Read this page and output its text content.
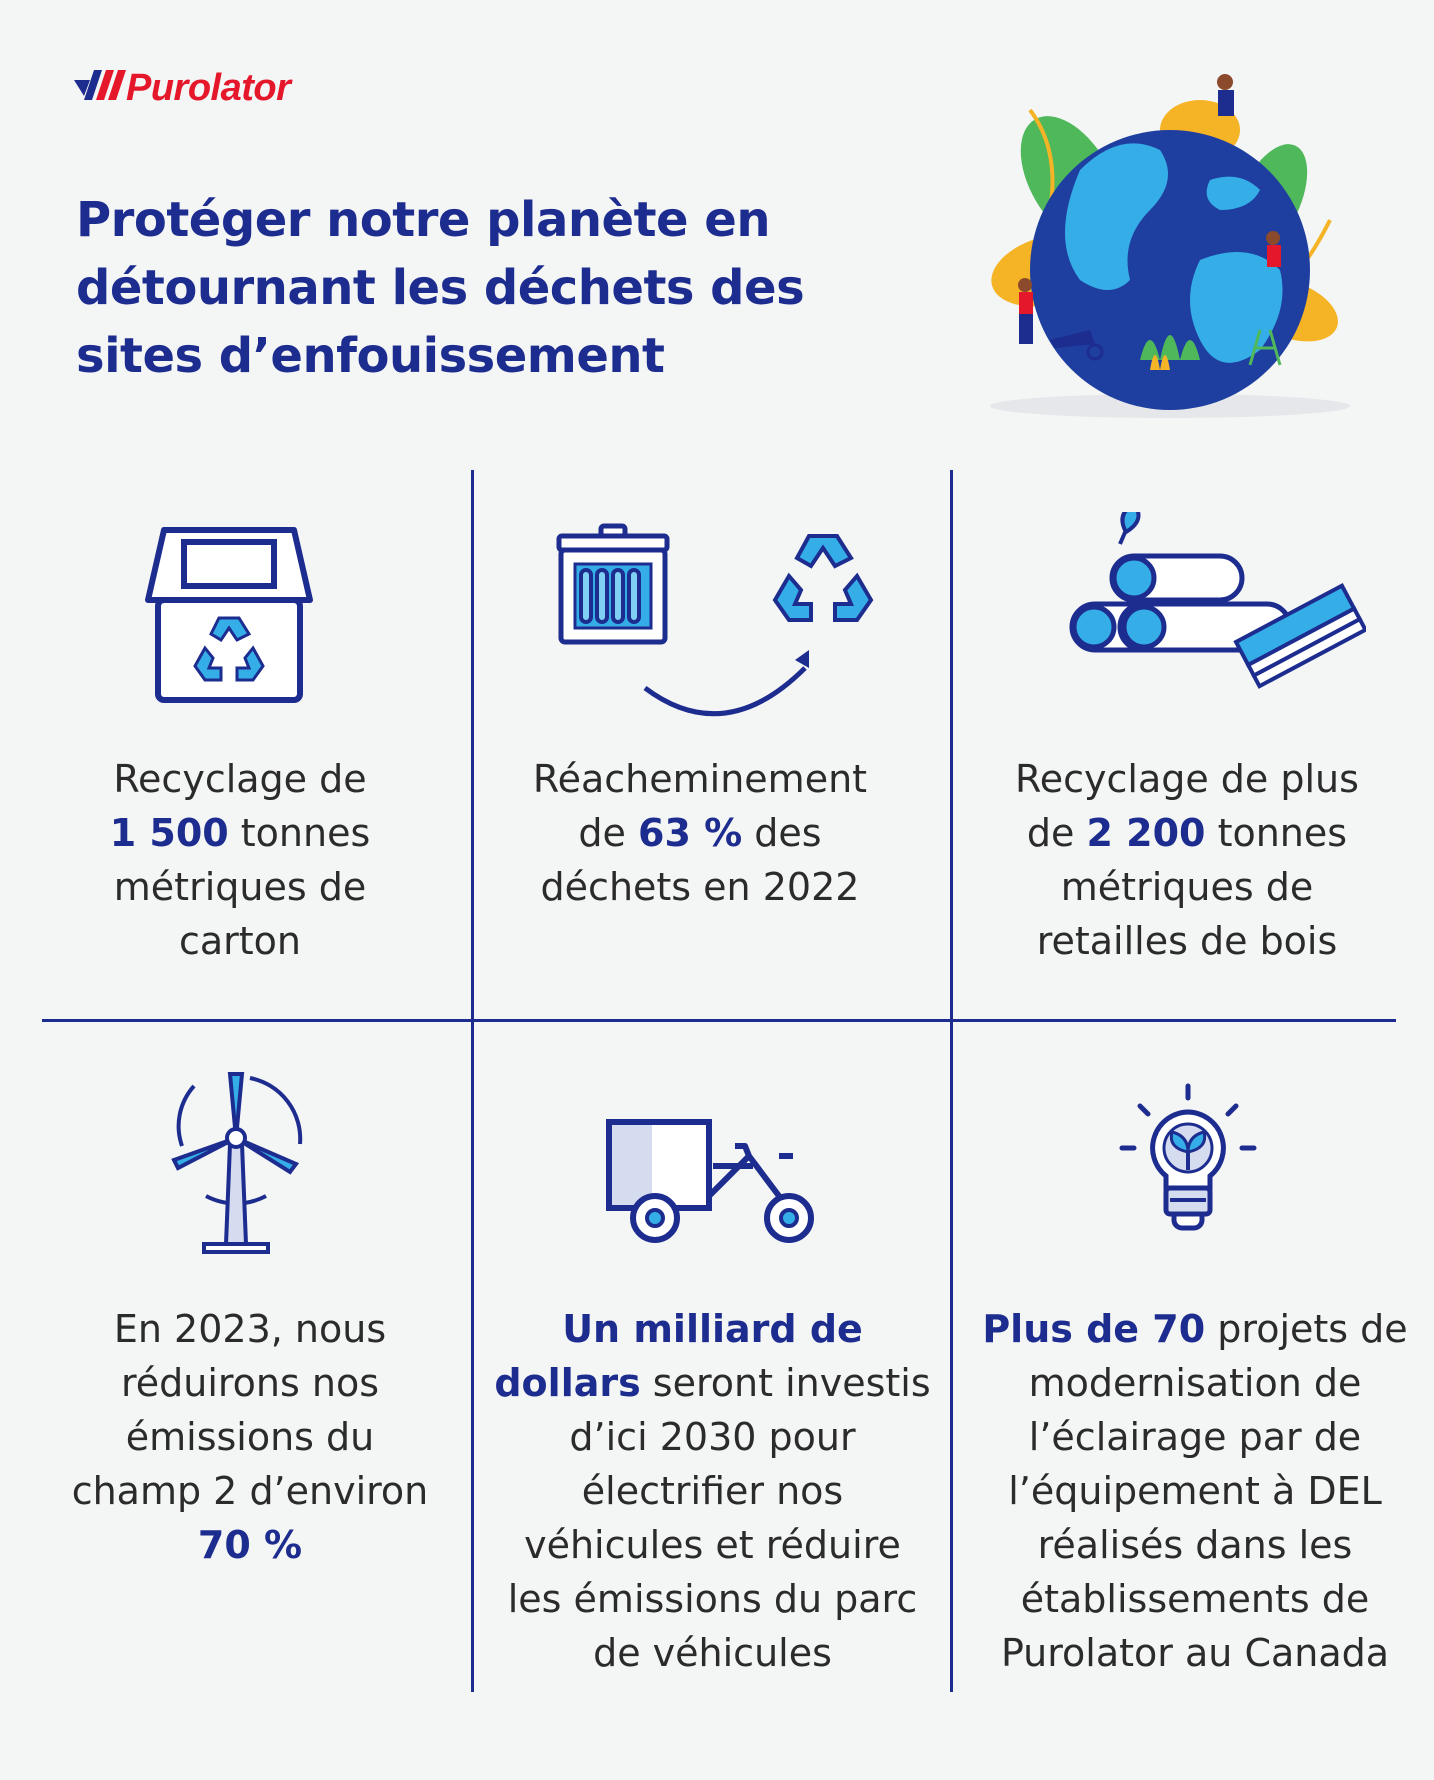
Purolator
Protéger notre planète en
détournant les déchets des
sites d’enfouissement
Recyclage de
1 500 tonnes
métriques de
carton
Réacheminement
de 63 % des
déchets en 2022
Recyclage de plus
de 2 200 tonnes
métriques de
retailles de bois
En 2023, nous
réduirons nos
émissions du
champ 2 d’environ
70 %
Un milliard de
dollars seront investis
d’ici 2030 pour
électrifier nos
véhicules et réduire
les émissions du parc
de véhicules
Plus de 70 projets de
modernisation de
l’éclairage par de
l’équipement à DEL
réalisés dans les
établissements de
Purolator au Canada
